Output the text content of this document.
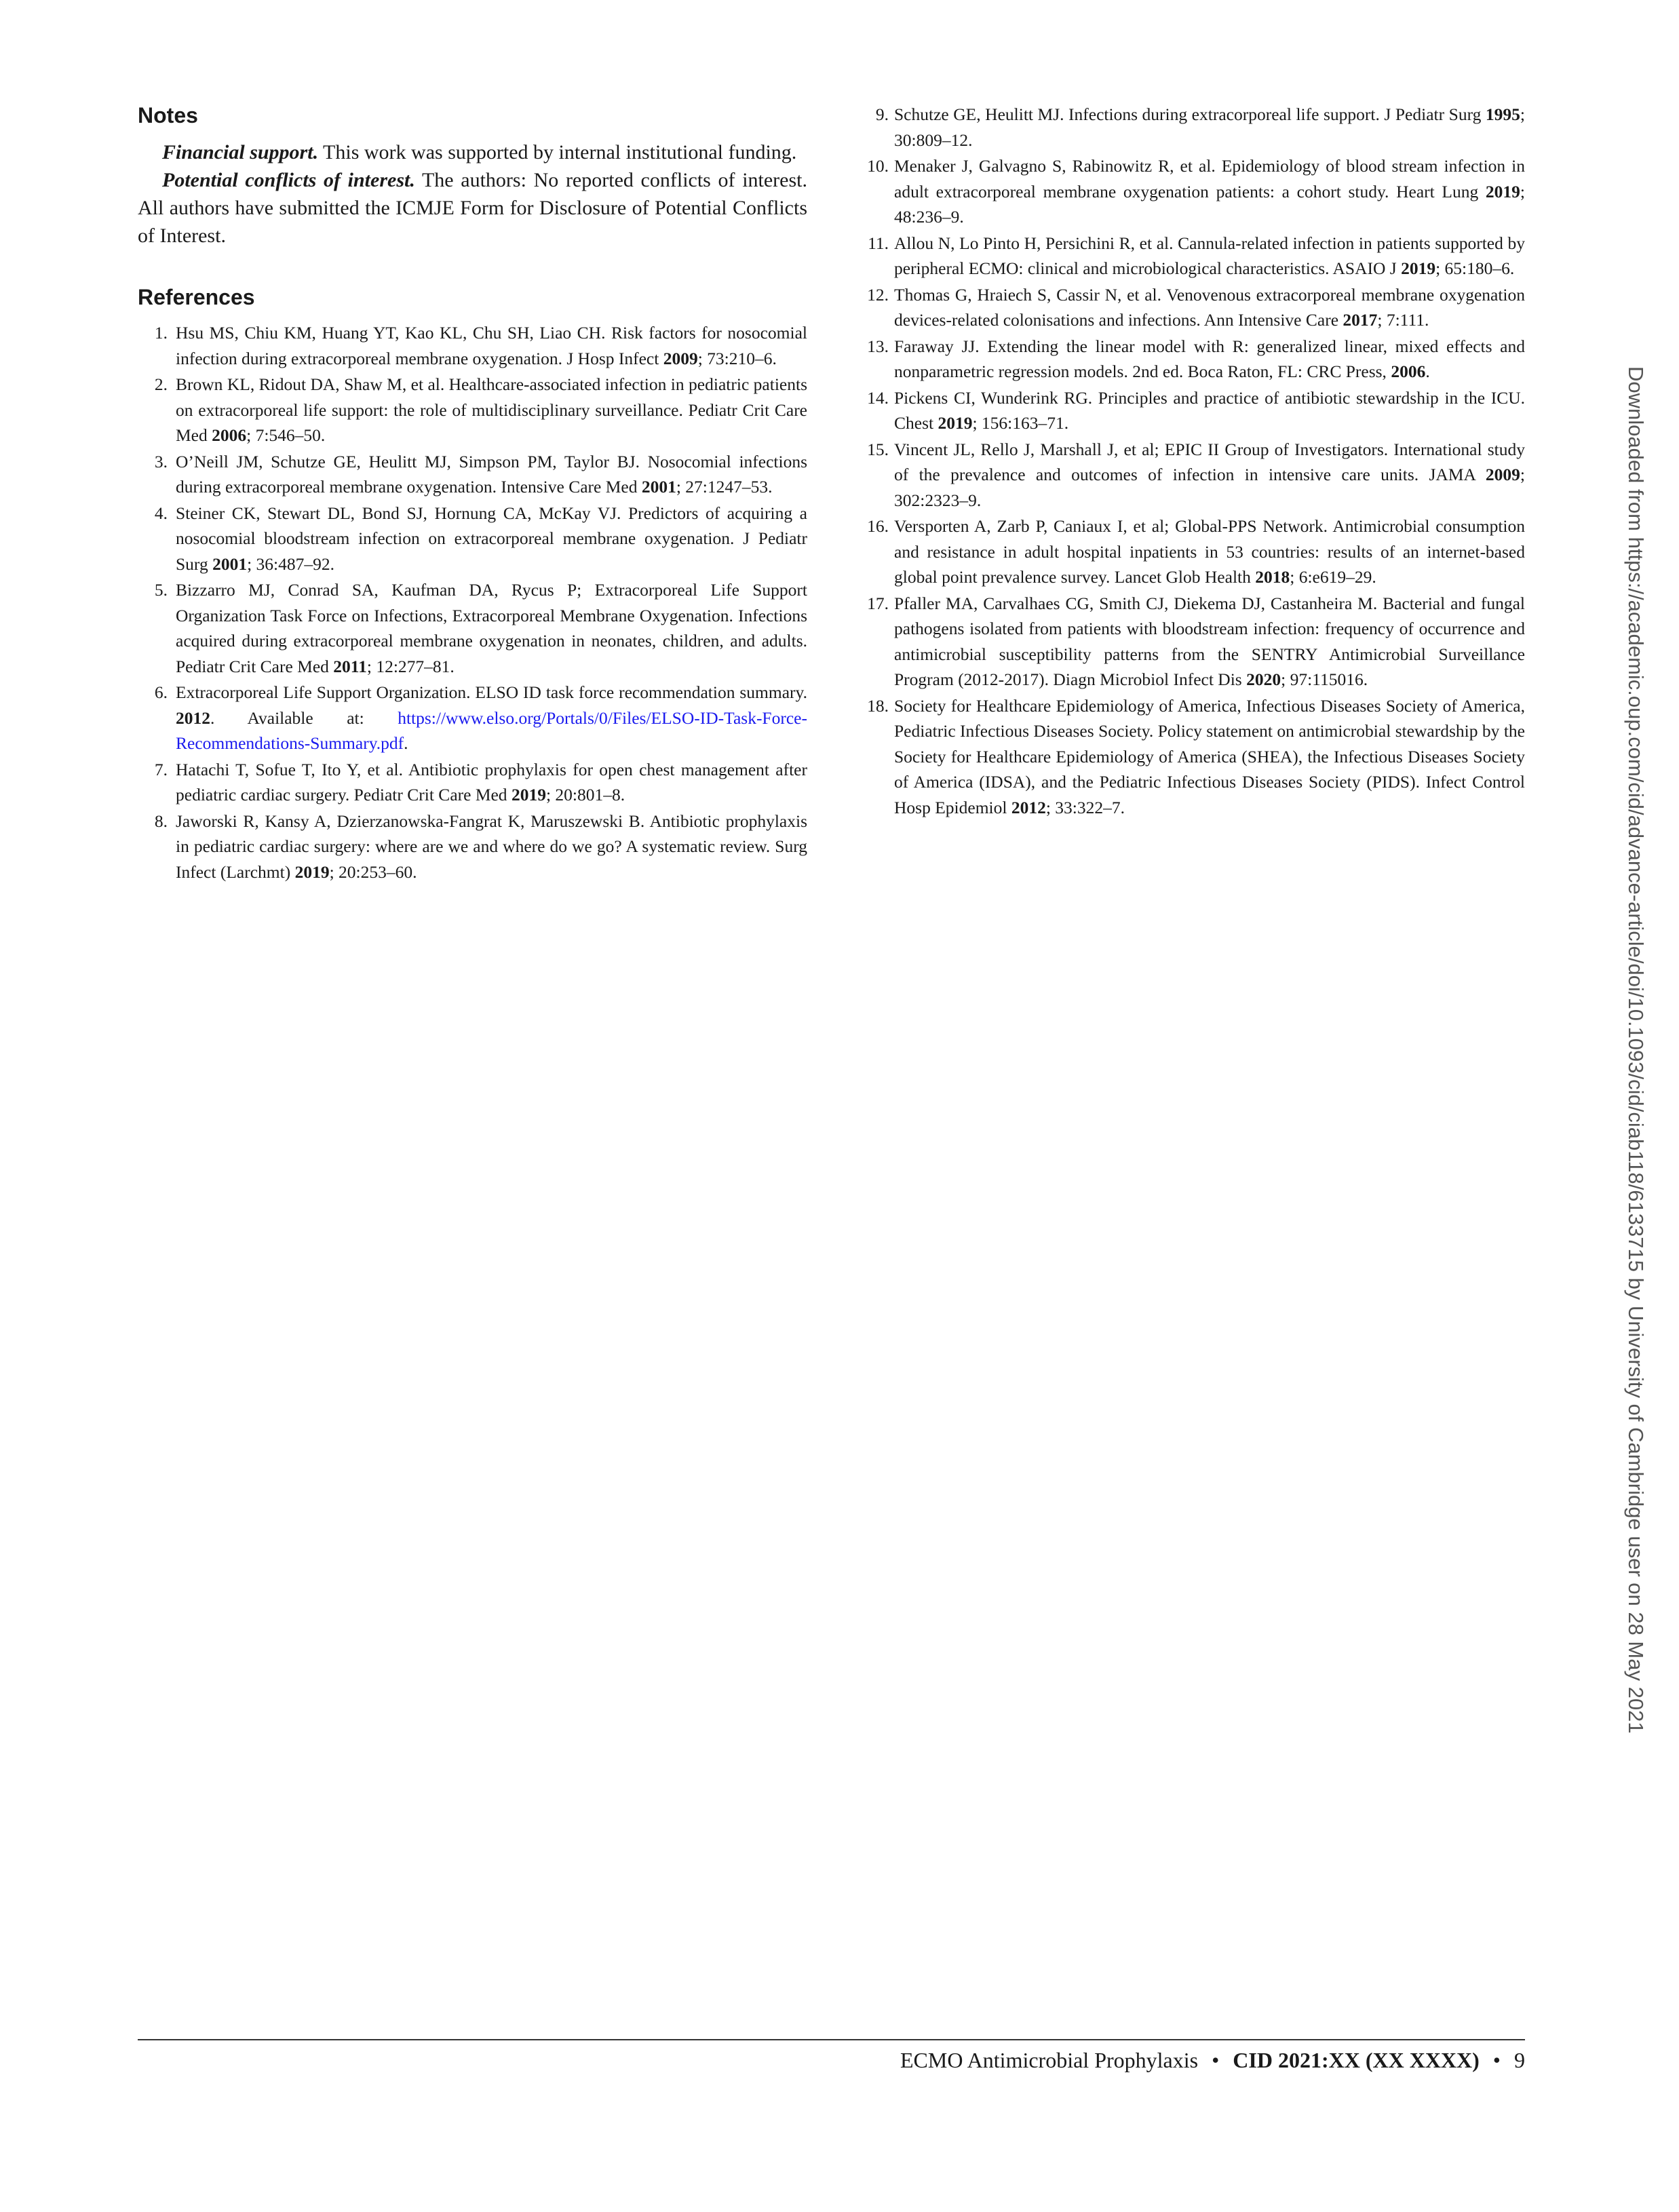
Notes

Financial support. This work was supported by internal institutional funding.

Potential conflicts of interest. The authors: No reported conflicts of interest. All authors have submitted the ICMJE Form for Disclosure of Potential Conflicts of Interest.

References
1. Hsu MS, Chiu KM, Huang YT, Kao KL, Chu SH, Liao CH. Risk factors for nosocomial infection during extracorporeal membrane oxygenation. J Hosp Infect 2009; 73:210–6.
2. Brown KL, Ridout DA, Shaw M, et al. Healthcare-associated infection in pediatric patients on extracorporeal life support: the role of multidisciplinary surveillance. Pediatr Crit Care Med 2006; 7:546–50.
3. O’Neill JM, Schutze GE, Heulitt MJ, Simpson PM, Taylor BJ. Nosocomial infections during extracorporeal membrane oxygenation. Intensive Care Med 2001; 27:1247–53.
4. Steiner CK, Stewart DL, Bond SJ, Hornung CA, McKay VJ. Predictors of acquiring a nosocomial bloodstream infection on extracorporeal membrane oxygenation. J Pediatr Surg 2001; 36:487–92.
5. Bizzarro MJ, Conrad SA, Kaufman DA, Rycus P; Extracorporeal Life Support Organization Task Force on Infections, Extracorporeal Membrane Oxygenation. Infections acquired during extracorporeal membrane oxygenation in neonates, children, and adults. Pediatr Crit Care Med 2011; 12:277–81.
6. Extracorporeal Life Support Organization. ELSO ID task force recommendation summary. 2012. Available at: https://www.elso.org/Portals/0/Files/ELSO-ID-Task-Force-Recommendations-Summary.pdf.
7. Hatachi T, Sofue T, Ito Y, et al. Antibiotic prophylaxis for open chest management after pediatric cardiac surgery. Pediatr Crit Care Med 2019; 20:801–8.
8. Jaworski R, Kansy A, Dzierzanowska-Fangrat K, Maruszewski B. Antibiotic prophylaxis in pediatric cardiac surgery: where are we and where do we go? A systematic review. Surg Infect (Larchmt) 2019; 20:253–60.
9. Schutze GE, Heulitt MJ. Infections during extracorporeal life support. J Pediatr Surg 1995; 30:809–12.
10. Menaker J, Galvagno S, Rabinowitz R, et al. Epidemiology of blood stream infection in adult extracorporeal membrane oxygenation patients: a cohort study. Heart Lung 2019; 48:236–9.
11. Allou N, Lo Pinto H, Persichini R, et al. Cannula-related infection in patients supported by peripheral ECMO: clinical and microbiological characteristics. ASAIO J 2019; 65:180–6.
12. Thomas G, Hraiech S, Cassir N, et al. Venovenous extracorporeal membrane oxygenation devices-related colonisations and infections. Ann Intensive Care 2017; 7:111.
13. Faraway JJ. Extending the linear model with R: generalized linear, mixed effects and nonparametric regression models. 2nd ed. Boca Raton, FL: CRC Press, 2006.
14. Pickens CI, Wunderink RG. Principles and practice of antibiotic stewardship in the ICU. Chest 2019; 156:163–71.
15. Vincent JL, Rello J, Marshall J, et al; EPIC II Group of Investigators. International study of the prevalence and outcomes of infection in intensive care units. JAMA 2009; 302:2323–9.
16. Versporten A, Zarb P, Caniaux I, et al; Global-PPS Network. Antimicrobial consumption and resistance in adult hospital inpatients in 53 countries: results of an internet-based global point prevalence survey. Lancet Glob Health 2018; 6:e619–29.
17. Pfaller MA, Carvalhaes CG, Smith CJ, Diekema DJ, Castanheira M. Bacterial and fungal pathogens isolated from patients with bloodstream infection: frequency of occurrence and antimicrobial susceptibility patterns from the SENTRY Antimicrobial Surveillance Program (2012-2017). Diagn Microbiol Infect Dis 2020; 97:115016.
18. Society for Healthcare Epidemiology of America, Infectious Diseases Society of America, Pediatric Infectious Diseases Society. Policy statement on antimicrobial stewardship by the Society for Healthcare Epidemiology of America (SHEA), the Infectious Diseases Society of America (IDSA), and the Pediatric Infectious Diseases Society (PIDS). Infect Control Hosp Epidemiol 2012; 33:322–7.	Downloaded from https://academic.oup.com/cid/advance-article/doi/10.1093/cid/ciab118/6133715 by University of Cambridge user on 28 May 2021
ECMO Antimicrobial Prophylaxis • CID 2021:XX (XX XXXX) • 9
